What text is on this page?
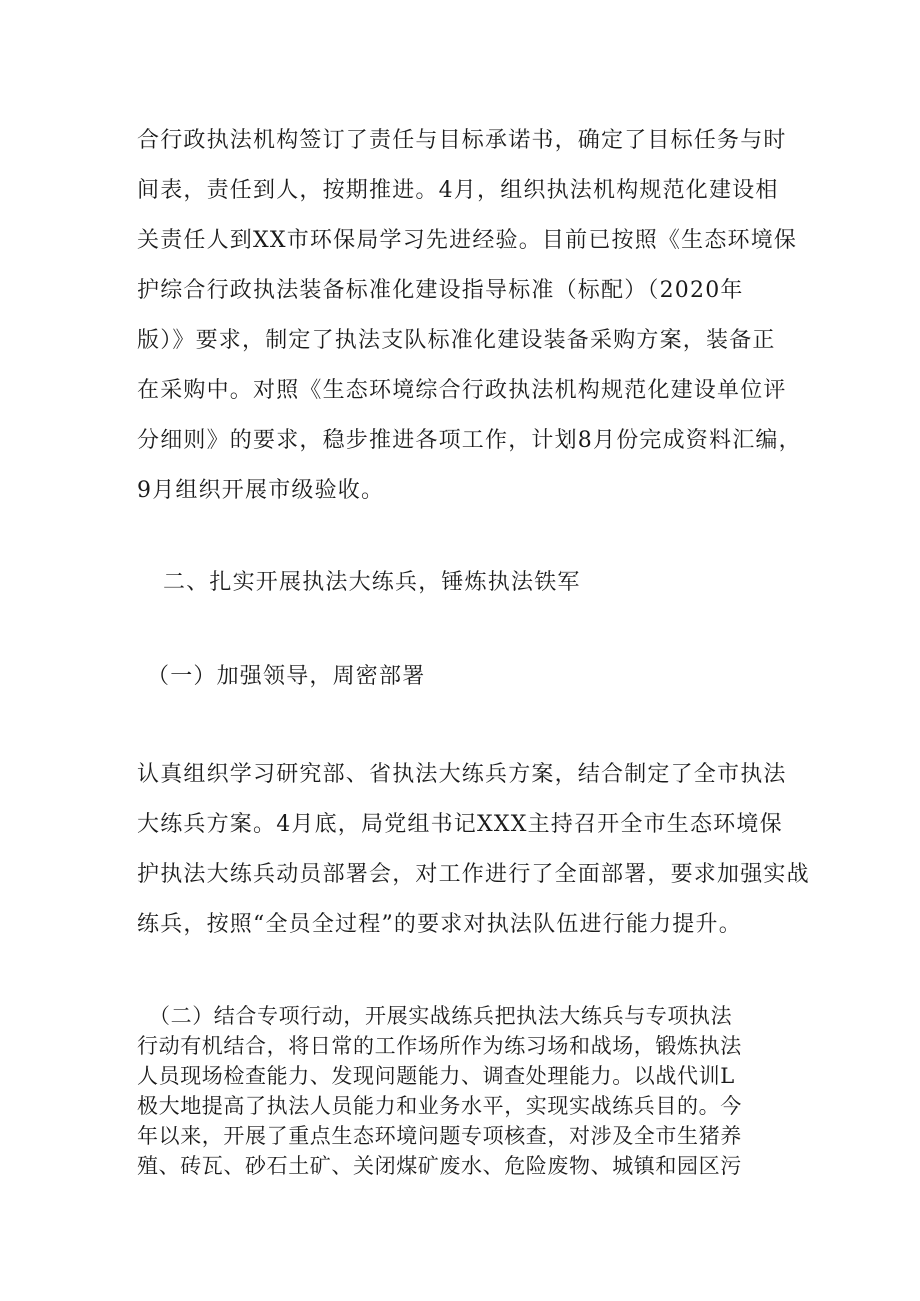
合行政执法机构签订了责任与目标承诺书，确定了目标任务与时
间表，责任到人，按期推进。4月，组织执法机构规范化建设相
关责任人到XX市环保局学习先进经验。目前已按照《生态环境保
护综合行政执法装备标准化建设指导标准（标配）（2020年
版）》要求，制定了执法支队标准化建设装备采购方案，装备正
在采购中。对照《生态环境综合行政执法机构规范化建设单位评
分细则》的要求，稳步推进各项工作，计划8月份完成资料汇编，
9月组织开展市级验收。
二、扎实开展执法大练兵，锤炼执法铁军
（一）加强领导，周密部署
认真组织学习研究部、省执法大练兵方案，结合制定了全市执法
大练兵方案。4月底，局党组书记XXX主持召开全市生态环境保
护执法大练兵动员部署会，对工作进行了全面部署，要求加强实战
练兵，按照“全员全过程”的要求对执法队伍进行能力提升。
（二）结合专项行动，开展实战练兵把执法大练兵与专项执法
行动有机结合，将日常的工作场所作为练习场和战场，锻炼执法
人员现场检查能力、发现问题能力、调查处理能力。以战代训L
极大地提高了执法人员能力和业务水平，实现实战练兵目的。今
年以来，开展了重点生态环境问题专项核查，对涉及全市生猪养
殖、砖瓦、砂石土矿、关闭煤矿废水、危险废物、城镇和园区污
